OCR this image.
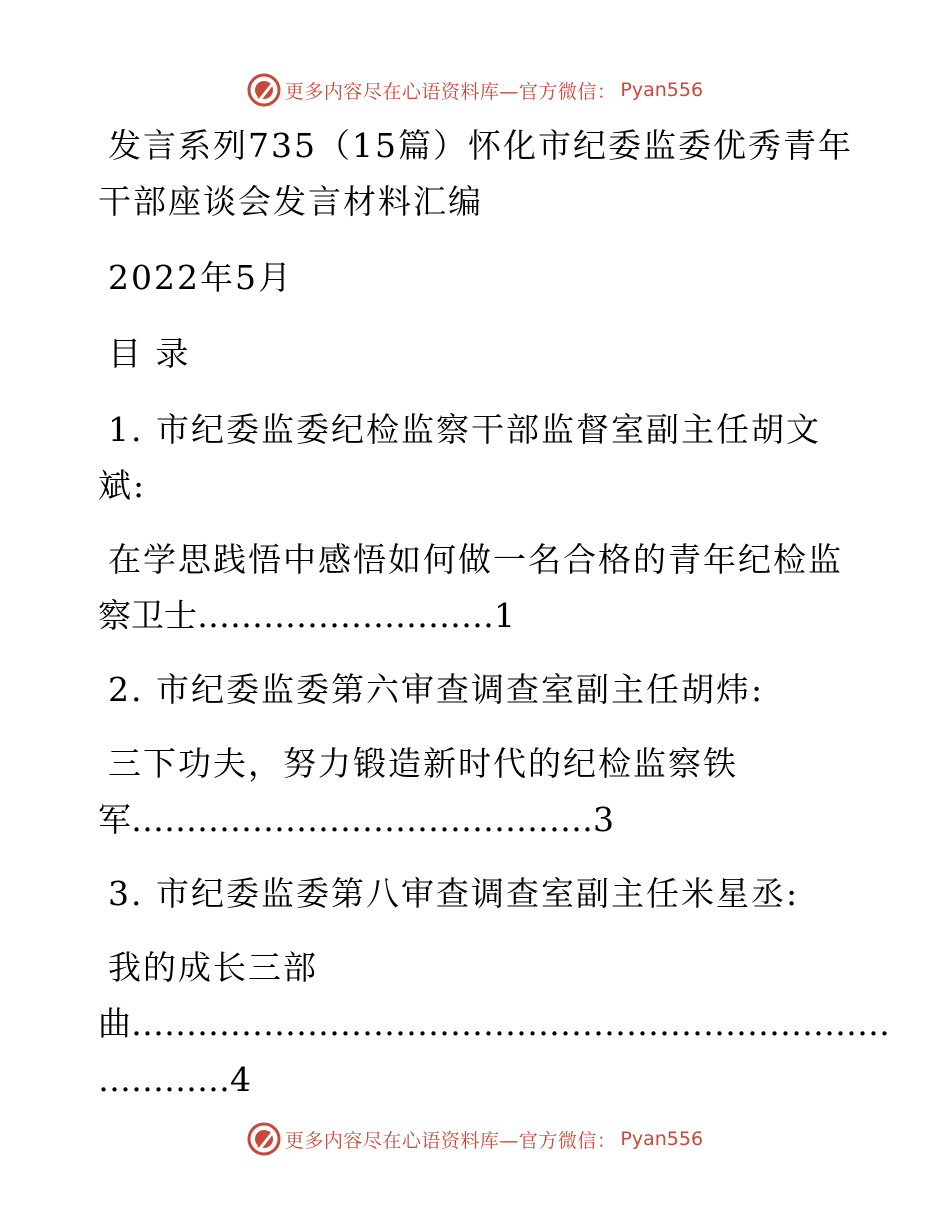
更多内容尽在心语资料库—官方微信： Pyan556
发言系列735（15篇）怀化市纪委监委优秀青年
干部座谈会发言材料汇编
2022年5月
目 录
1. 市纪委监委纪检监察干部监督室副主任胡文
斌:
在学思践悟中感悟如何做一名合格的青年纪检监
察卫士………………………1
2. 市纪委监委第六审查调查室副主任胡炜:
三下功夫，努力锻造新时代的纪检监察铁
军……………………………………3
3. 市纪委监委第八审查调查室副主任米星丞:
我的成长三部
曲……………………………………………………………
…………4
更多内容尽在心语资料库—官方微信： Pyan556
